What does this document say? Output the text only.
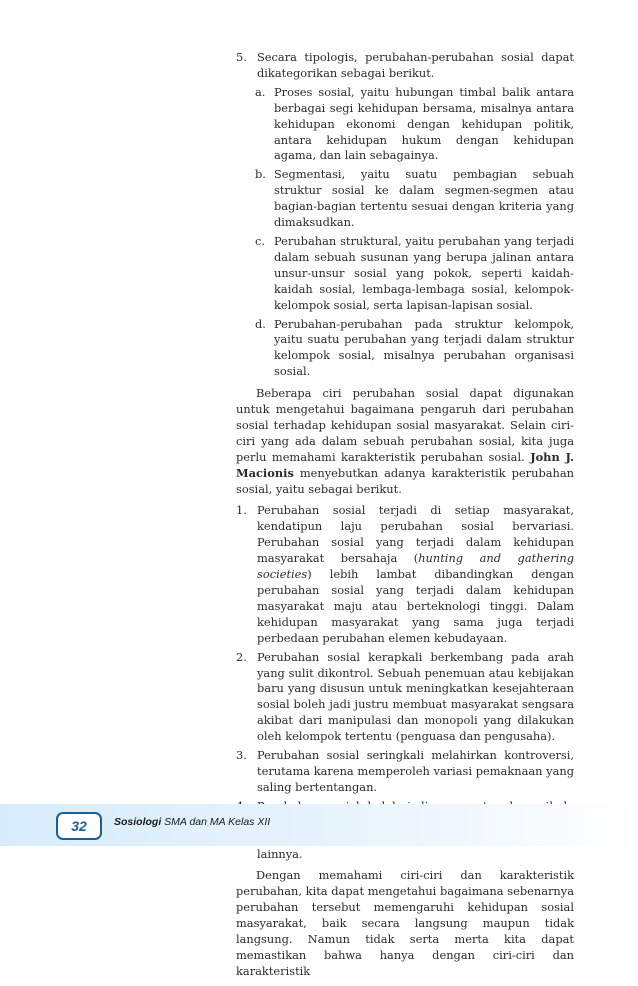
5. Secara tipologis, perubahan-perubahan sosial dapat dikategorikan sebagai berikut.
a. Proses sosial, yaitu hubungan timbal balik antara berbagai segi kehidupan bersama, misalnya antara kehidupan ekonomi dengan kehidupan politik, antara kehidupan hukum dengan kehidupan agama, dan lain sebagainya.
b. Segmentasi, yaitu suatu pembagian sebuah struktur sosial ke dalam segmen-segmen atau bagian-bagian tertentu sesuai dengan kriteria yang dimaksudkan.
c. Perubahan struktural, yaitu perubahan yang terjadi dalam sebuah susunan yang berupa jalinan antara unsur-unsur sosial yang pokok, seperti kaidah-kaidah sosial, lembaga-lembaga sosial, kelompok-kelompok sosial, serta lapisan-lapisan sosial.
d. Perubahan-perubahan pada struktur kelompok, yaitu suatu perubahan yang terjadi dalam struktur kelompok sosial, misalnya perubahan organisasi sosial.

Beberapa ciri perubahan sosial dapat digunakan untuk mengetahui bagaimana pengaruh dari perubahan sosial terhadap kehidupan sosial masyarakat. Selain ciri-ciri yang ada dalam sebuah perubahan sosial, kita juga perlu memahami karakteristik perubahan sosial. John J. Macionis menyebutkan adanya karakteristik perubahan sosial, yaitu sebagai berikut.

1. Perubahan sosial terjadi di setiap masyarakat, kendatipun laju perubahan sosial bervariasi. Perubahan sosial yang terjadi dalam kehidupan masyarakat bersahaja (hunting and gathering societies) lebih lambat dibandingkan dengan perubahan sosial yang terjadi dalam kehidupan masyarakat maju atau berteknologi tinggi. Dalam kehidupan masyarakat yang sama juga terjadi perbedaan perubahan elemen kebudayaan.
2. Perubahan sosial kerapkali berkembang pada arah yang sulit dikontrol. Sebuah penemuan atau kebijakan baru yang disusun untuk meningkatkan kesejahteraan sosial boleh jadi justru membuat masyarakat sengsara akibat dari manipulasi dan monopoli yang dilakukan oleh kelompok tertentu (penguasa dan pengusaha).
3. Perubahan sosial seringkali melahirkan kontroversi, terutama karena memperoleh variasi pemaknaan yang saling bertentangan.
lainnya.

Dengan memahami ciri-ciri dan karakteristik perubahan, kita dapat mengetahui bagaimana sebenarnya perubahan tersebut memengaruhi kehidupan sosial masyarakat, baik secara langsung maupun tidak langsung. Namun tidak serta merta kita dapat memastikan bahwa hanya dengan ciri-ciri dan karakteristik

32	Sosiologi SMA dan MA Kelas XII
